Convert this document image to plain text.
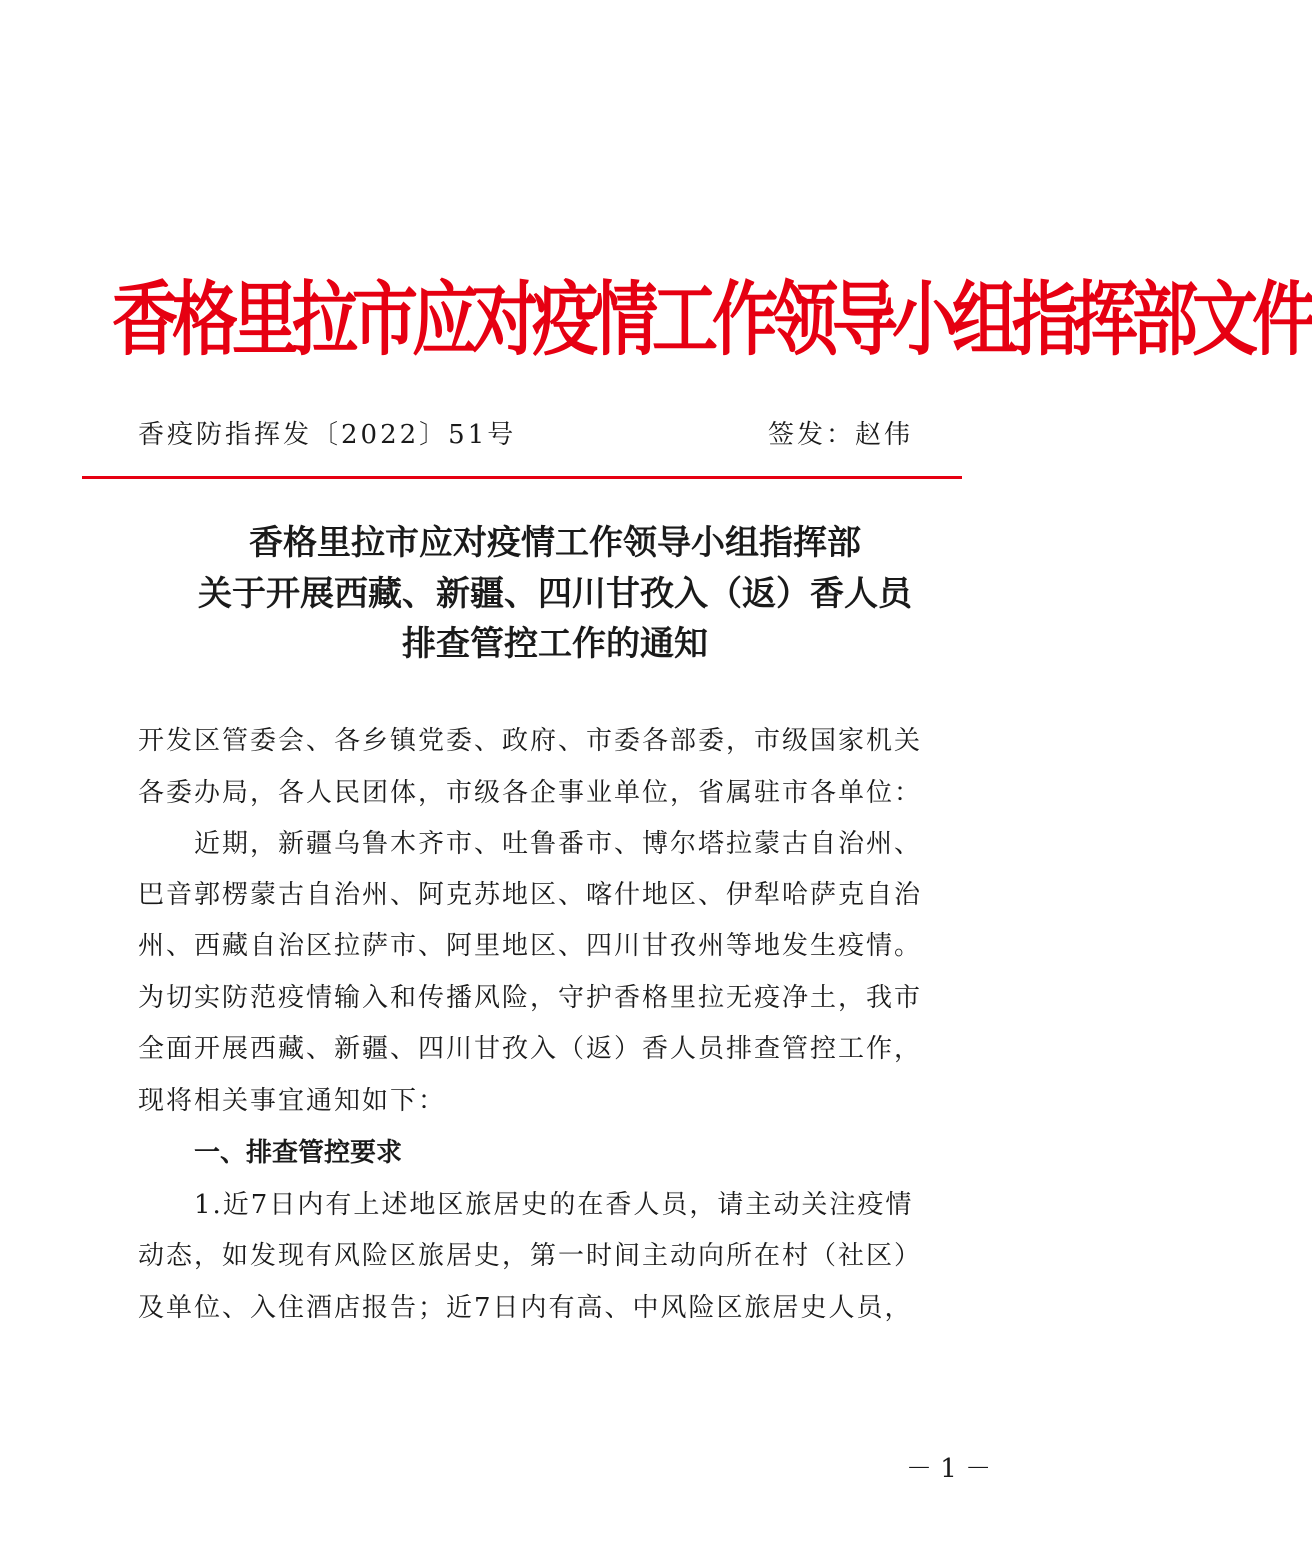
香格里拉市应对疫情工作领导小组指挥部文件
香疫防指挥发〔2022〕51号	签发：赵伟
香格里拉市应对疫情工作领导小组指挥部
关于开展西藏、新疆、四川甘孜入（返）香人员
排查管控工作的通知
开发区管委会、各乡镇党委、政府、市委各部委，市级国家机关
各委办局，各人民团体，市级各企事业单位，省属驻市各单位：
　　近期，新疆乌鲁木齐市、吐鲁番市、博尔塔拉蒙古自治州、
巴音郭楞蒙古自治州、阿克苏地区、喀什地区、伊犁哈萨克自治
州、西藏自治区拉萨市、阿里地区、四川甘孜州等地发生疫情。
为切实防范疫情输入和传播风险，守护香格里拉无疫净土，我市
全面开展西藏、新疆、四川甘孜入（返）香人员排查管控工作，
现将相关事宜通知如下：
一、排查管控要求
　　1.近7日内有上述地区旅居史的在香人员，请主动关注疫情
动态，如发现有风险区旅居史，第一时间主动向所在村（社区）
及单位、入住酒店报告；近7日内有高、中风险区旅居史人员，
－ 1 －
